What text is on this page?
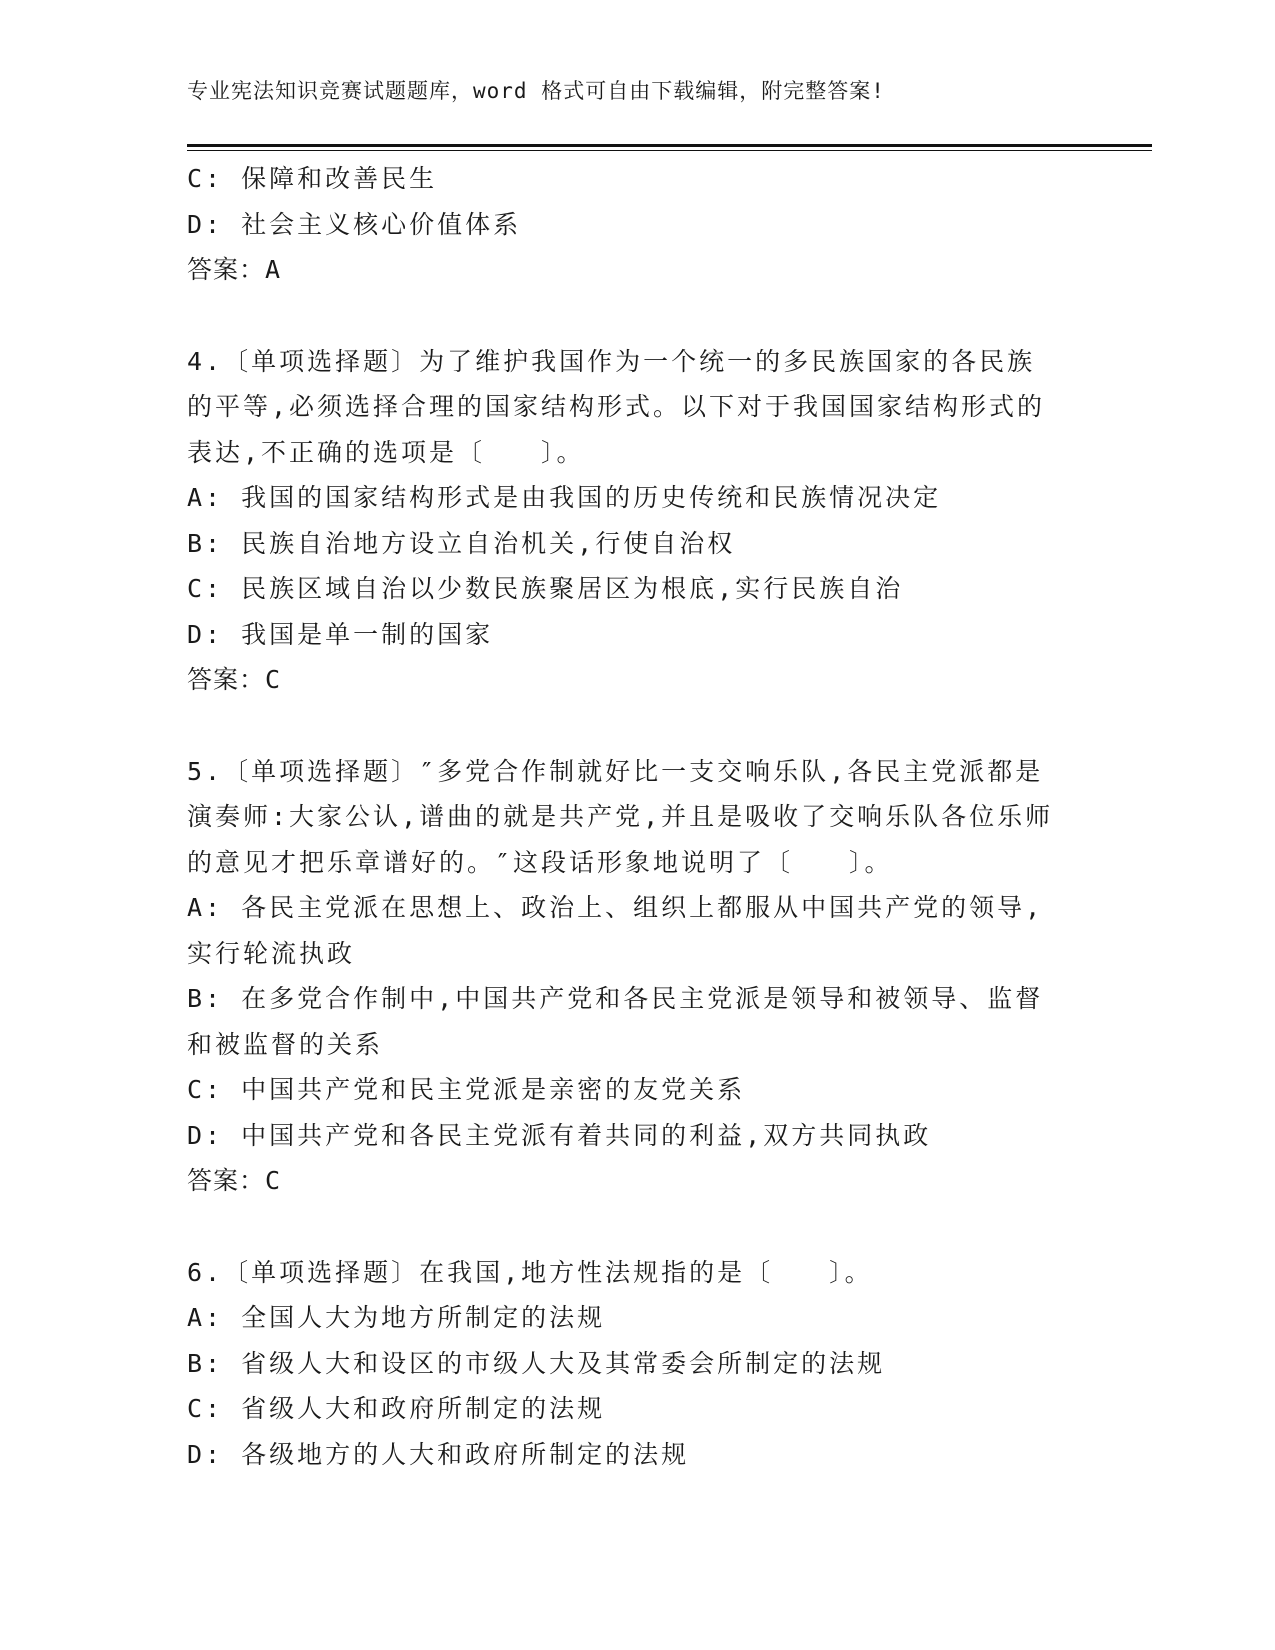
专业宪法知识竞赛试题题库，word 格式可自由下载编辑，附完整答案!
C: 保障和改善民生
D: 社会主义核心价值体系
答案：A
4.〔单项选择题〕为了维护我国作为一个统一的多民族国家的各民族
的平等,必须选择合理的国家结构形式。以下对于我国国家结构形式的
表达,不正确的选项是〔　　〕。
A: 我国的国家结构形式是由我国的历史传统和民族情况决定
B: 民族自治地方设立自治机关,行使自治权
C: 民族区域自治以少数民族聚居区为根底,实行民族自治
D: 我国是单一制的国家
答案：C
5.〔单项选择题〕″多党合作制就好比一支交响乐队,各民主党派都是
演奏师:大家公认,谱曲的就是共产党,并且是吸收了交响乐队各位乐师
的意见才把乐章谱好的。″这段话形象地说明了〔　　〕。
A: 各民主党派在思想上、政治上、组织上都服从中国共产党的领导,
实行轮流执政
B: 在多党合作制中,中国共产党和各民主党派是领导和被领导、监督
和被监督的关系
C: 中国共产党和民主党派是亲密的友党关系
D: 中国共产党和各民主党派有着共同的利益,双方共同执政
答案：C
6.〔单项选择题〕在我国,地方性法规指的是〔　　〕。
A: 全国人大为地方所制定的法规
B: 省级人大和设区的市级人大及其常委会所制定的法规
C: 省级人大和政府所制定的法规
D: 各级地方的人大和政府所制定的法规
